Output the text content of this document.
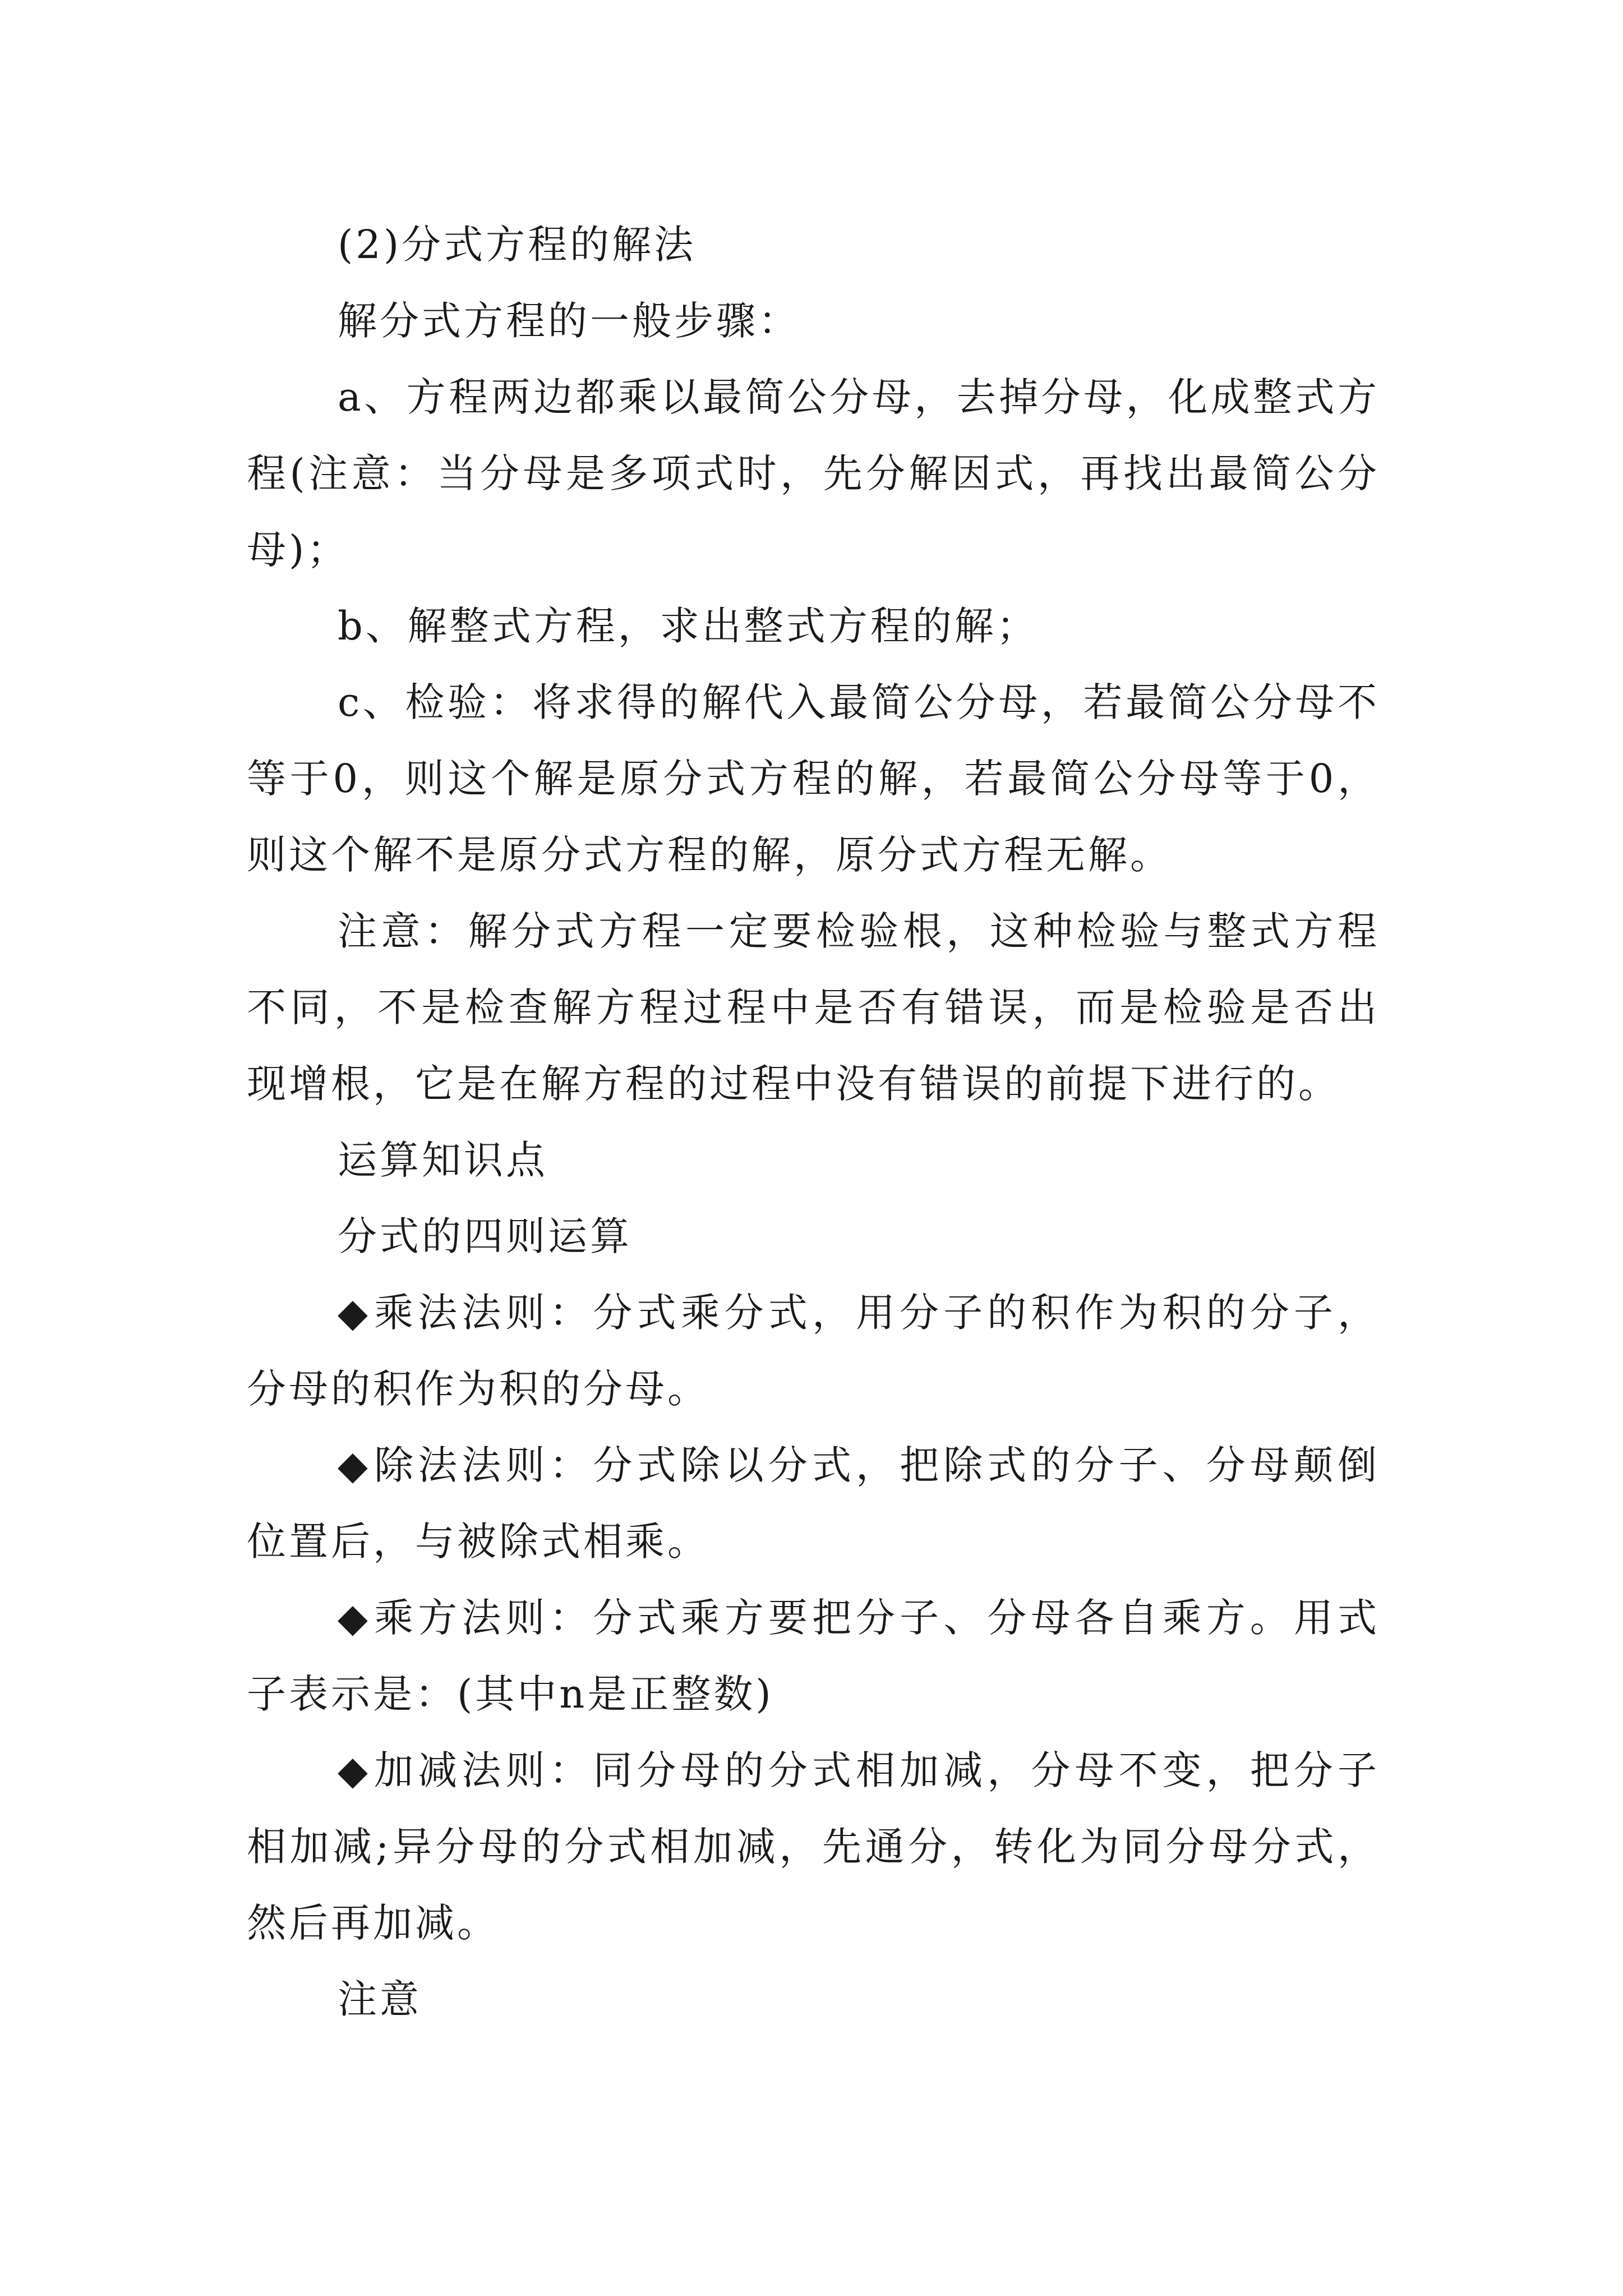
(2)分式方程的解法

解分式方程的一般步骤：

a、方程两边都乘以最简公分母，去掉分母，化成整式方程(注意：当分母是多项式时，先分解因式，再找出最简公分母)；

b、解整式方程，求出整式方程的解；

c、检验：将求得的解代入最简公分母，若最简公分母不等于0，则这个解是原分式方程的解，若最简公分母等于0，则这个解不是原分式方程的解，原分式方程无解。

注意：解分式方程一定要检验根，这种检验与整式方程不同，不是检查解方程过程中是否有错误，而是检验是否出现增根，它是在解方程的过程中没有错误的前提下进行的。

运算知识点

分式的四则运算

◆乘法法则：分式乘分式，用分子的积作为积的分子，分母的积作为积的分母。

◆除法法则：分式除以分式，把除式的分子、分母颠倒位置后，与被除式相乘。

◆乘方法则：分式乘方要把分子、分母各自乘方。用式子表示是：(其中n是正整数)

◆加减法则：同分母的分式相加减，分母不变，把分子相加减;异分母的分式相加减，先通分，转化为同分母分式，然后再加减。

注意
